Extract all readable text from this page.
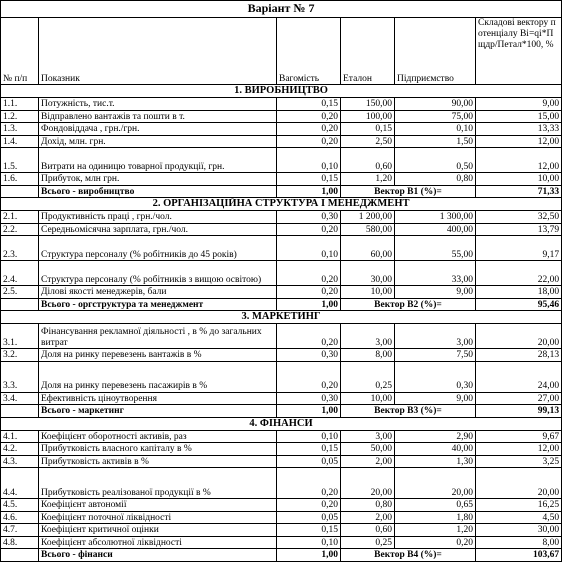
Варіант № 7					
№ п/п	Показник	Вагомість	Еталон	Підприємство	Складові вектору потенціалу Ві=qі*Пщдр/Петал*100, %
1. ВИРОБНИЦТВО					
1.1.	Потужність, тис.т.	0,15	150,00	90,00	9,00
1.2.	Відправлено вантажів та пошти в т.	0,20	100,00	75,00	15,00
1.3.	Фондовіддача , грн./грн.	0,20	0,15	0,10	13,33
1.4.	Дохід, млн. грн.	0,20	2,50	1,50	12,00
1.5.	Витрати на одиницю товарної продукції, грн.	0,10	0,60	0,50	12,00
1.6.	Прибуток, млн грн.	0,15	1,20	0,80	10,00
	Всього - виробництво	1,00	Вектор В1 (%)=		71,33
2. ОРГАНІЗАЦІЙНА СТРУКТУРА І МЕНЕДЖМЕНТ					
2.1.	Продуктивність праці , грн./чол.	0,30	1 200,00	1 300,00	32,50
2.2.	Середньомісячна зарплата, грн./чол.	0,20	580,00	400,00	13,79
2.3.	Структура персоналу (% робітників до 45 років)	0,10	60,00	55,00	9,17
2.4.	Структура персоналу (% робітників з вищою освітою)	0,20	30,00	33,00	22,00
2.5.	Ділові якості менеджерів, бали	0,20	10,00	9,00	18,00
	Всього - оргструктура та менеджмент	1,00	Вектор В2 (%)=		95,46
3. МАРКЕТИНГ					
3.1.	Фінансування рекламної діяльності , в % до загальних витрат	0,20	3,00	3,00	20,00
3.2.	Доля на ринку перевезень вантажів в %	0,30	8,00	7,50	28,13
3.3.	Доля на ринку перевезень пасажирів в %	0,20	0,25	0,30	24,00
3.4.	Ефективність ціноутворення	0,30	10,00	9,00	27,00
	Всього - маркетинг	1,00	Вектор В3 (%)=		99,13
4. ФІНАНСИ					
4.1.	Коефіцієнт оборотності активів, раз	0,10	3,00	2,90	9,67
4.2.	Прибутковість власного капіталу в %	0,15	50,00	40,00	12,00
4.3.	Прибутковість активів в %	0,05	2,00	1,30	3,25
4.4.	Прибутковість реалізованої продукції в %	0,20	20,00	20,00	20,00
4.5.	Коефіцієнт автономії	0,20	0,80	0,65	16,25
4.6.	Коефіцієнт поточної ліквідності	0,05	2,00	1,80	4,50
4.7.	Коефіцієнт критичної оцінки	0,15	0,60	1,20	30,00
4.8.	Коефіцієнт абсолютної ліквідності	0,10	0,25	0,20	8,00
	Всього - фінанси	1,00	Вектор В4 (%)=		103,67
